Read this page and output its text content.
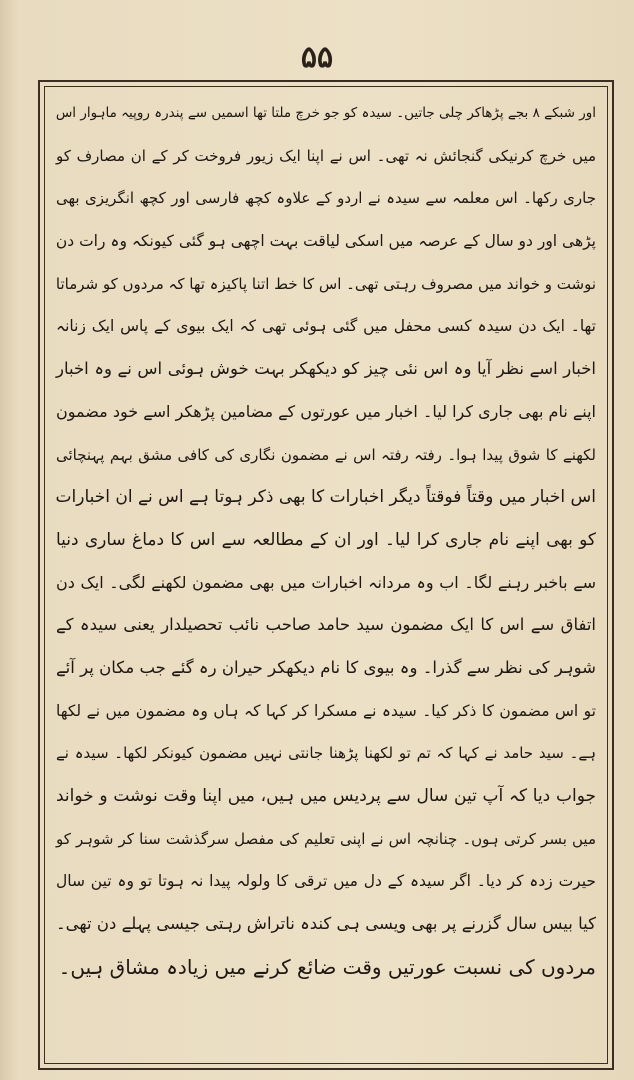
۵۵
اور شبکے ۸ بجے پڑھاکر چلی جاتیں۔ سیدہ کو جو خرچ ملتا تھا اسمیں سے پندرہ روپیہ ماہوار اس
میں خرچ کرنیکی گنجائش نہ تھی۔ اس نے اپنا ایک زیور فروخت کر کے ان مصارف کو
جاری رکھا۔ اس معلمہ سے سیدہ نے اردو کے علاوہ کچھ فارسی اور کچھ انگریزی بھی
پڑھی اور دو سال کے عرصہ میں اسکی لیاقت بہت اچھی ہو گئی کیونکہ وہ رات دن
نوشت و خواند میں مصروف رہتی تھی۔ اس کا خط اتنا پاکیزہ تھا کہ مردوں کو شرماتا
تھا۔ ایک دن سیدہ کسی محفل میں گئی ہوئی تھی کہ ایک بیوی کے پاس ایک زنانہ
اخبار اسے نظر آیا وہ اس نئی چیز کو دیکھکر بہت خوش ہوئی اس نے وہ اخبار
اپنے نام بھی جاری کرا لیا۔ اخبار میں عورتوں کے مضامین پڑھکر اسے خود مضمون
لکھنے کا شوق پیدا ہوا۔ رفتہ رفتہ اس نے مضمون نگاری کی کافی مشق بہم پہنچائی
اس اخبار میں وقتاً فوقتاً دیگر اخبارات کا بھی ذکر ہوتا ہے اس نے ان اخبارات
کو بھی اپنے نام جاری کرا لیا۔ اور ان کے مطالعہ سے اس کا دماغ ساری دنیا
سے باخبر رہنے لگا۔ اب وہ مردانہ اخبارات میں بھی مضمون لکھنے لگی۔ ایک دن
اتفاق سے اس کا ایک مضمون سید حامد صاحب نائب تحصیلدار یعنی سیدہ کے
شوہر کی نظر سے گذرا۔ وہ بیوی کا نام دیکھکر حیران رہ گئے جب مکان پر آئے
تو اس مضمون کا ذکر کیا۔ سیدہ نے مسکرا کر کہا کہ ہاں وہ مضمون میں نے لکھا
ہے۔ سید حامد نے کہا کہ تم تو لکھنا پڑھنا جانتی نہیں مضمون کیونکر لکھا۔ سیدہ نے
جواب دیا کہ آپ تین سال سے پردیس میں ہیں، میں اپنا وقت نوشت و خواند
میں بسر کرتی ہوں۔ چنانچہ اس نے اپنی تعلیم کی مفصل سرگذشت سنا کر شوہر کو
حیرت زدہ کر دیا۔ اگر سیدہ کے دل میں ترقی کا ولولہ پیدا نہ ہوتا تو وہ تین سال
کیا بیس سال گزرنے پر بھی ویسی ہی کندہ ناتراش رہتی جیسی پہلے دن تھی۔
مردوں کی نسبت عورتیں وقت ضائع کرنے میں زیادہ مشاق ہیں۔
